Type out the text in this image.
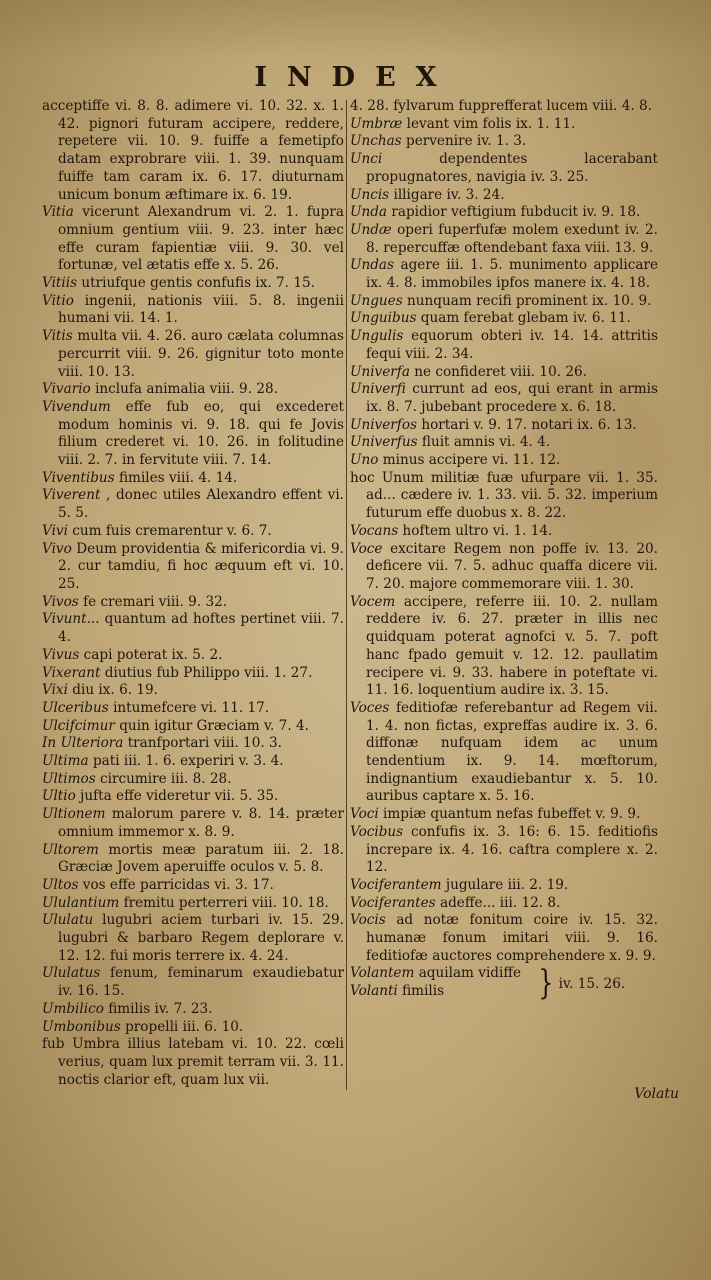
INDEX
acceptiffe vi. 8. 8. adimere vi. 10. 32. x. 1. 42. pignori futuram accipere, reddere, repetere vii. 10. 9. fuiffe a femetipfo datam exprobrare viii. 1. 39. nunquam fuiffe tam caram ix. 6. 17. diuturnam unicum bonum æftimare ix. 6. 19.
Vitia vicerunt Alexandrum vi. 2. 1. fupra omnium gentium viii. 9. 23. inter hæc effe curam fapientiæ viii. 9. 30. vel fortunæ, vel ætatis effe x. 5. 26.
Vitiis utriufque gentis confufis ix. 7. 15.
Vitio ingenii, nationis viii. 5. 8. ingenii humani vii. 14. 1.
Vitis multa vii. 4. 26. auro cælata columnas percurrit viii. 9. 26. gignitur toto monte viii. 10. 13.
Vivario inclufa animalia viii. 9. 28.
Vivendum effe fub eo, qui excederet modum hominis vi. 9. 18. qui fe Jovis filium crederet vi. 10. 26. in folitudine viii. 2. 7. in fervitute viii. 7. 14.
Viventibus fimiles viii. 4. 14.
Viverent , donec utiles Alexandro effent vi. 5. 5.
Vivi cum fuis cremarentur v. 6. 7.
Vivo Deum providentia & mifericordia vi. 9. 2. cur tamdiu, fi hoc æquum eft vi. 10. 25.
Vivos fe cremari viii. 9. 32.
Vivunt... quantum ad hoftes pertinet viii. 7. 4.
Vivus capi poterat ix. 5. 2.
Vixerant diutius fub Philippo viii. 1. 27.
Vixi diu ix. 6. 19.
Ulceribus intumefcere vi. 11. 17.
Ulcifcimur quin igitur Græciam v. 7. 4.
In Ulteriora tranfportari viii. 10. 3.
Ultima pati iii. 1. 6. experiri v. 3. 4.
Ultimos circumire iii. 8. 28.
Ultio jufta effe videretur vii. 5. 35.
Ultionem malorum parere v. 8. 14. præter omnium immemor x. 8. 9.
Ultorem mortis meæ paratum iii. 2. 18. Græciæ Jovem aperuiffe oculos v. 5. 8.
Ultos vos effe parricidas vi. 3. 17.
Ululantium fremitu perterreri viii. 10. 18.
Ululatu lugubri aciem turbari iv. 15. 29. lugubri & barbaro Regem deplorare v. 12. 12. fui moris terrere ix. 4. 24.
Ululatus fenum, feminarum exaudiebatur iv. 16. 15.
Umbilico fimilis iv. 7. 23.
Umbonibus propelli iii. 6. 10.
fub Umbra illius latebam vi. 10. 22. cœli verius, quam lux premit terram vii. 3. 11. noctis clarior eft, quam lux vii.
4. 28. fylvarum fupprefferat lucem viii. 4. 8.
Umbræ levant vim folis ix. 1. 11.
Unchas pervenire iv. 1. 3.
Unci	dependentes lacerabant propugnatores, navigia iv. 3. 25.
Uncis illigare iv. 3. 24.
Unda rapidior veftigium fubducit iv. 9. 18.
Undæ operi fuperfufæ molem exedunt iv. 2. 8. repercuffæ oftendebant faxa viii. 13. 9.
Undas agere iii. 1. 5. munimento applicare ix. 4. 8. immobiles ipfos manere ix. 4. 18.
Ungues nunquam recifi prominent ix. 10. 9.
Unguibus quam ferebat glebam iv. 6. 11.
Ungulis equorum obteri iv. 14. 14. attritis fequi viii. 2. 34.
Univerfa ne confideret viii. 10. 26.
Univerfi currunt ad eos, qui erant in armis ix. 8. 7. jubebant procedere x. 6. 18.
Univerfos hortari v. 9. 17. notari ix. 6. 13.
Univerfus fluit amnis vi. 4. 4.
Uno minus accipere vi. 11. 12.
hoc Unum militiæ fuæ ufurpare vii. 1. 35. ad... cædere iv. 1. 33. vii. 5. 32. imperium futurum effe duobus x. 8. 22.
Vocans hoftem ultro vi. 1. 14.
Voce excitare Regem non poffe iv. 13. 20. deficere vii. 7. 5. adhuc quaffa dicere vii. 7. 20. majore commemorare viii. 1. 30.
Vocem accipere, referre iii. 10. 2. nullam reddere iv. 6. 27. præter in illis nec quidquam poterat agnofci v. 5. 7. poft hanc fpado gemuit v. 12. 12. paullatim recipere vi. 9. 33. habere in poteftate vi. 11. 16. loquentium audire ix. 3. 15.
Voces feditiofæ referebantur ad Regem vii. 1. 4. non fictas, expreffas audire ix. 3. 6. diffonæ nufquam idem ac unum tendentium ix. 9. 14. mœftorum, indignantium exaudiebantur x. 5. 10. auribus captare x. 5. 16.
Voci impiæ quantum nefas fubeffet v. 9. 9.
Vocibus confufis ix. 3. 16: 6. 15. feditiofis increpare ix. 4. 16. caftra complere x. 2. 12.
Vociferantem jugulare iii. 2. 19.
Vociferantes adeffe... iii. 12. 8.
Vocis ad notæ fonitum coire iv. 15. 32. humanæ fonum imitari viii. 9. 16. feditiofæ auctores comprehendere x. 9. 9.
Volantem aquilam vidiffe
Volanti fimilis	} iv. 15. 26.
Volatu
